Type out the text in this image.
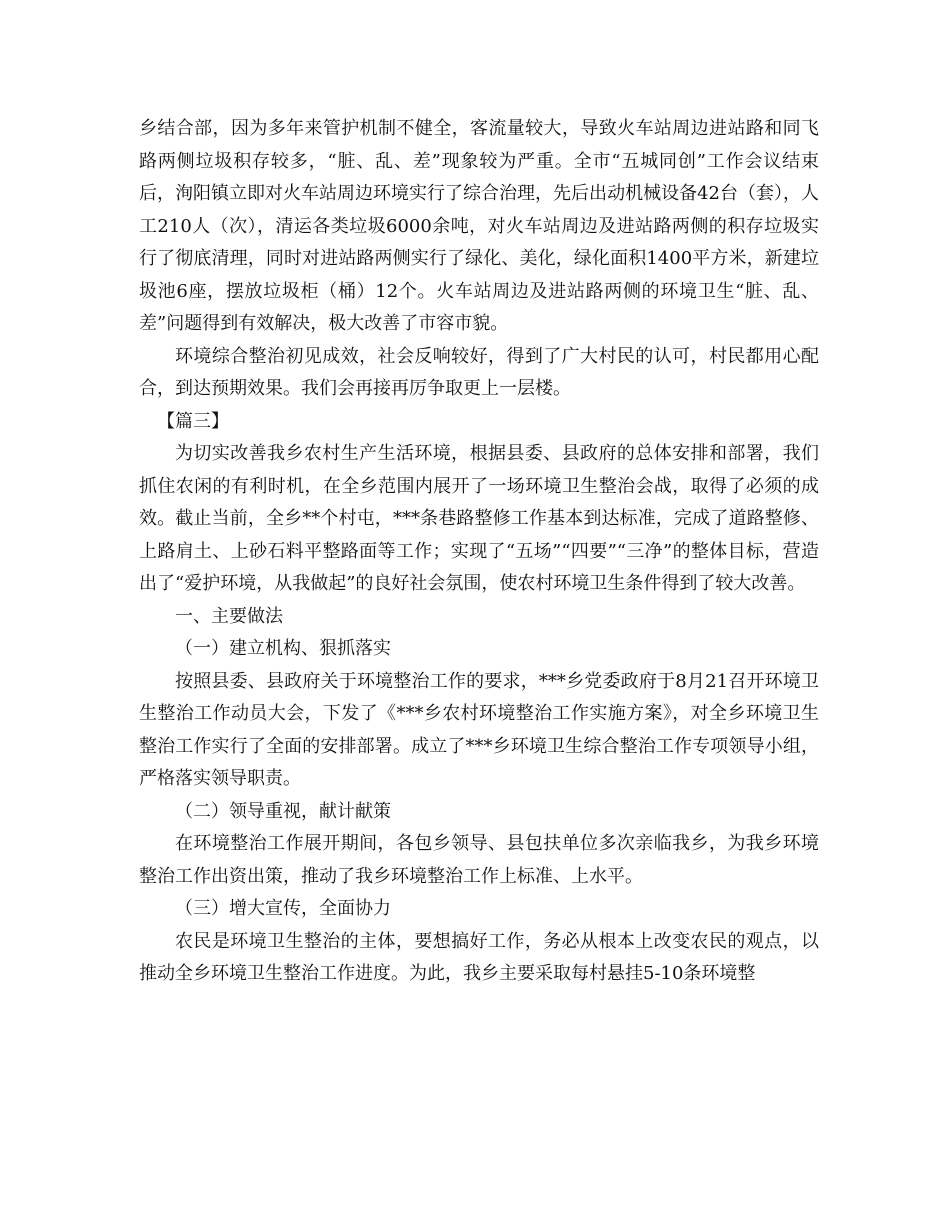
乡结合部，因为多年来管护机制不健全，客流量较大，导致火车站周边进站路和同飞路两侧垃圾积存较多，“脏、乱、差”现象较为严重。全市“五城同创”工作会议结束后，洵阳镇立即对火车站周边环境实行了综合治理，先后出动机械设备42台（套），人工210人（次），清运各类垃圾6000余吨，对火车站周边及进站路两侧的积存垃圾实行了彻底清理，同时对进站路两侧实行了绿化、美化，绿化面积1400平方米，新建垃圾池6座，摆放垃圾柜（桶）12个。火车站周边及进站路两侧的环境卫生“脏、乱、差”问题得到有效解决，极大改善了市容市貌。

环境综合整治初见成效，社会反响较好，得到了广大村民的认可，村民都用心配合，到达预期效果。我们会再接再厉争取更上一层楼。

【篇三】

为切实改善我乡农村生产生活环境，根据县委、县政府的总体安排和部署，我们抓住农闲的有利时机，在全乡范围内展开了一场环境卫生整治会战，取得了必须的成效。截止当前，全乡**个村屯，***条巷路整修工作基本到达标准，完成了道路整修、上路肩土、上砂石料平整路面等工作；实现了“五场”“四要”“三净”的整体目标，营造出了“爱护环境，从我做起”的良好社会氛围，使农村环境卫生条件得到了较大改善。

一、主要做法

（一）建立机构、狠抓落实

按照县委、县政府关于环境整治工作的要求，***乡党委政府于8月21召开环境卫生整治工作动员大会，下发了《***乡农村环境整治工作实施方案》，对全乡环境卫生整治工作实行了全面的安排部署。成立了***乡环境卫生综合整治工作专项领导小组，严格落实领导职责。

（二）领导重视，献计献策

在环境整治工作展开期间，各包乡领导、县包扶单位多次亲临我乡，为我乡环境整治工作出资出策，推动了我乡环境整治工作上标准、上水平。

（三）增大宣传，全面协力

农民是环境卫生整治的主体，要想搞好工作，务必从根本上改变农民的观点，以推动全乡环境卫生整治工作进度。为此，我乡主要采取每村悬挂5-10条环境整
